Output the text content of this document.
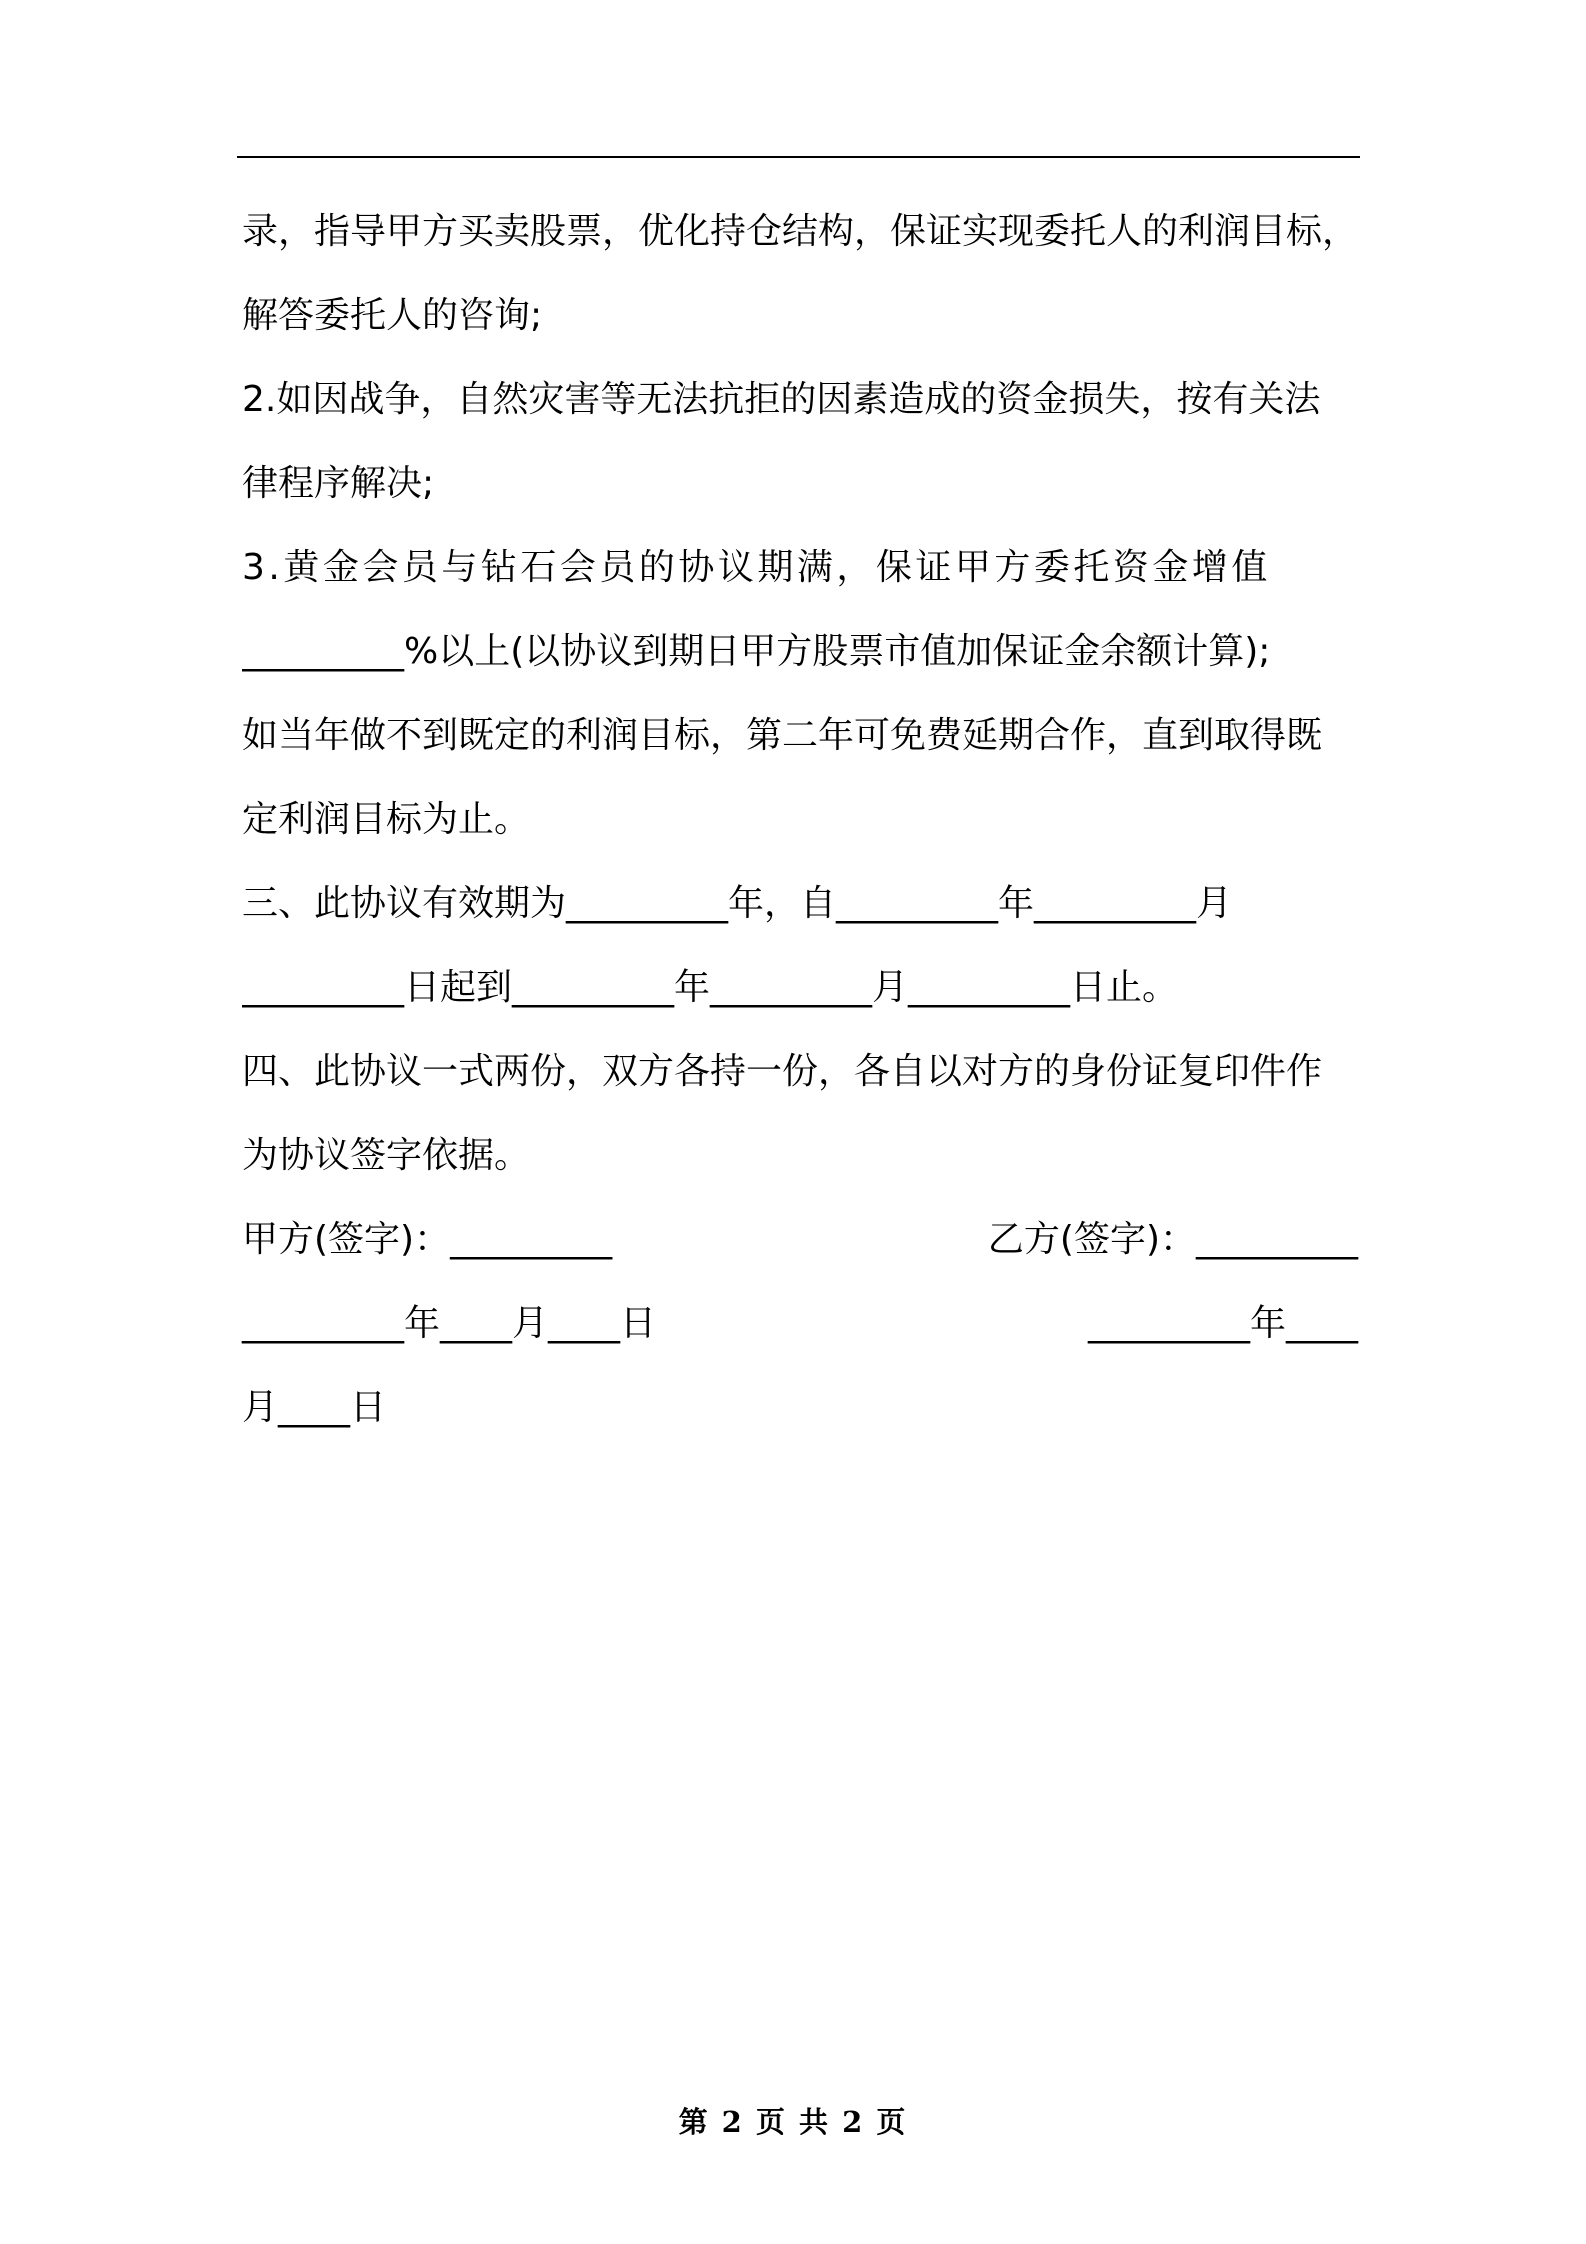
录，指导甲方买卖股票，优化持仓结构，保证实现委托人的利润目标，
解答委托人的咨询;
2.如因战争，自然灾害等无法抗拒的因素造成的资金损失，按有关法
律程序解决;
3.黄金会员与钻石会员的协议期满，保证甲方委托资金增值
_________%以上(以协议到期日甲方股票市值加保证金余额计算);
如当年做不到既定的利润目标，第二年可免费延期合作，直到取得既
定利润目标为止。
三、此协议有效期为_________年，自_________年_________月
_________日起到_________年_________月_________日止。
四、此协议一式两份，双方各持一份，各自以对方的身份证复印件作
为协议签字依据。
甲方(签字)：_________	乙方(签字)：_________
_________年____月____日	_________年____
月____日
第 2 页 共 2 页
